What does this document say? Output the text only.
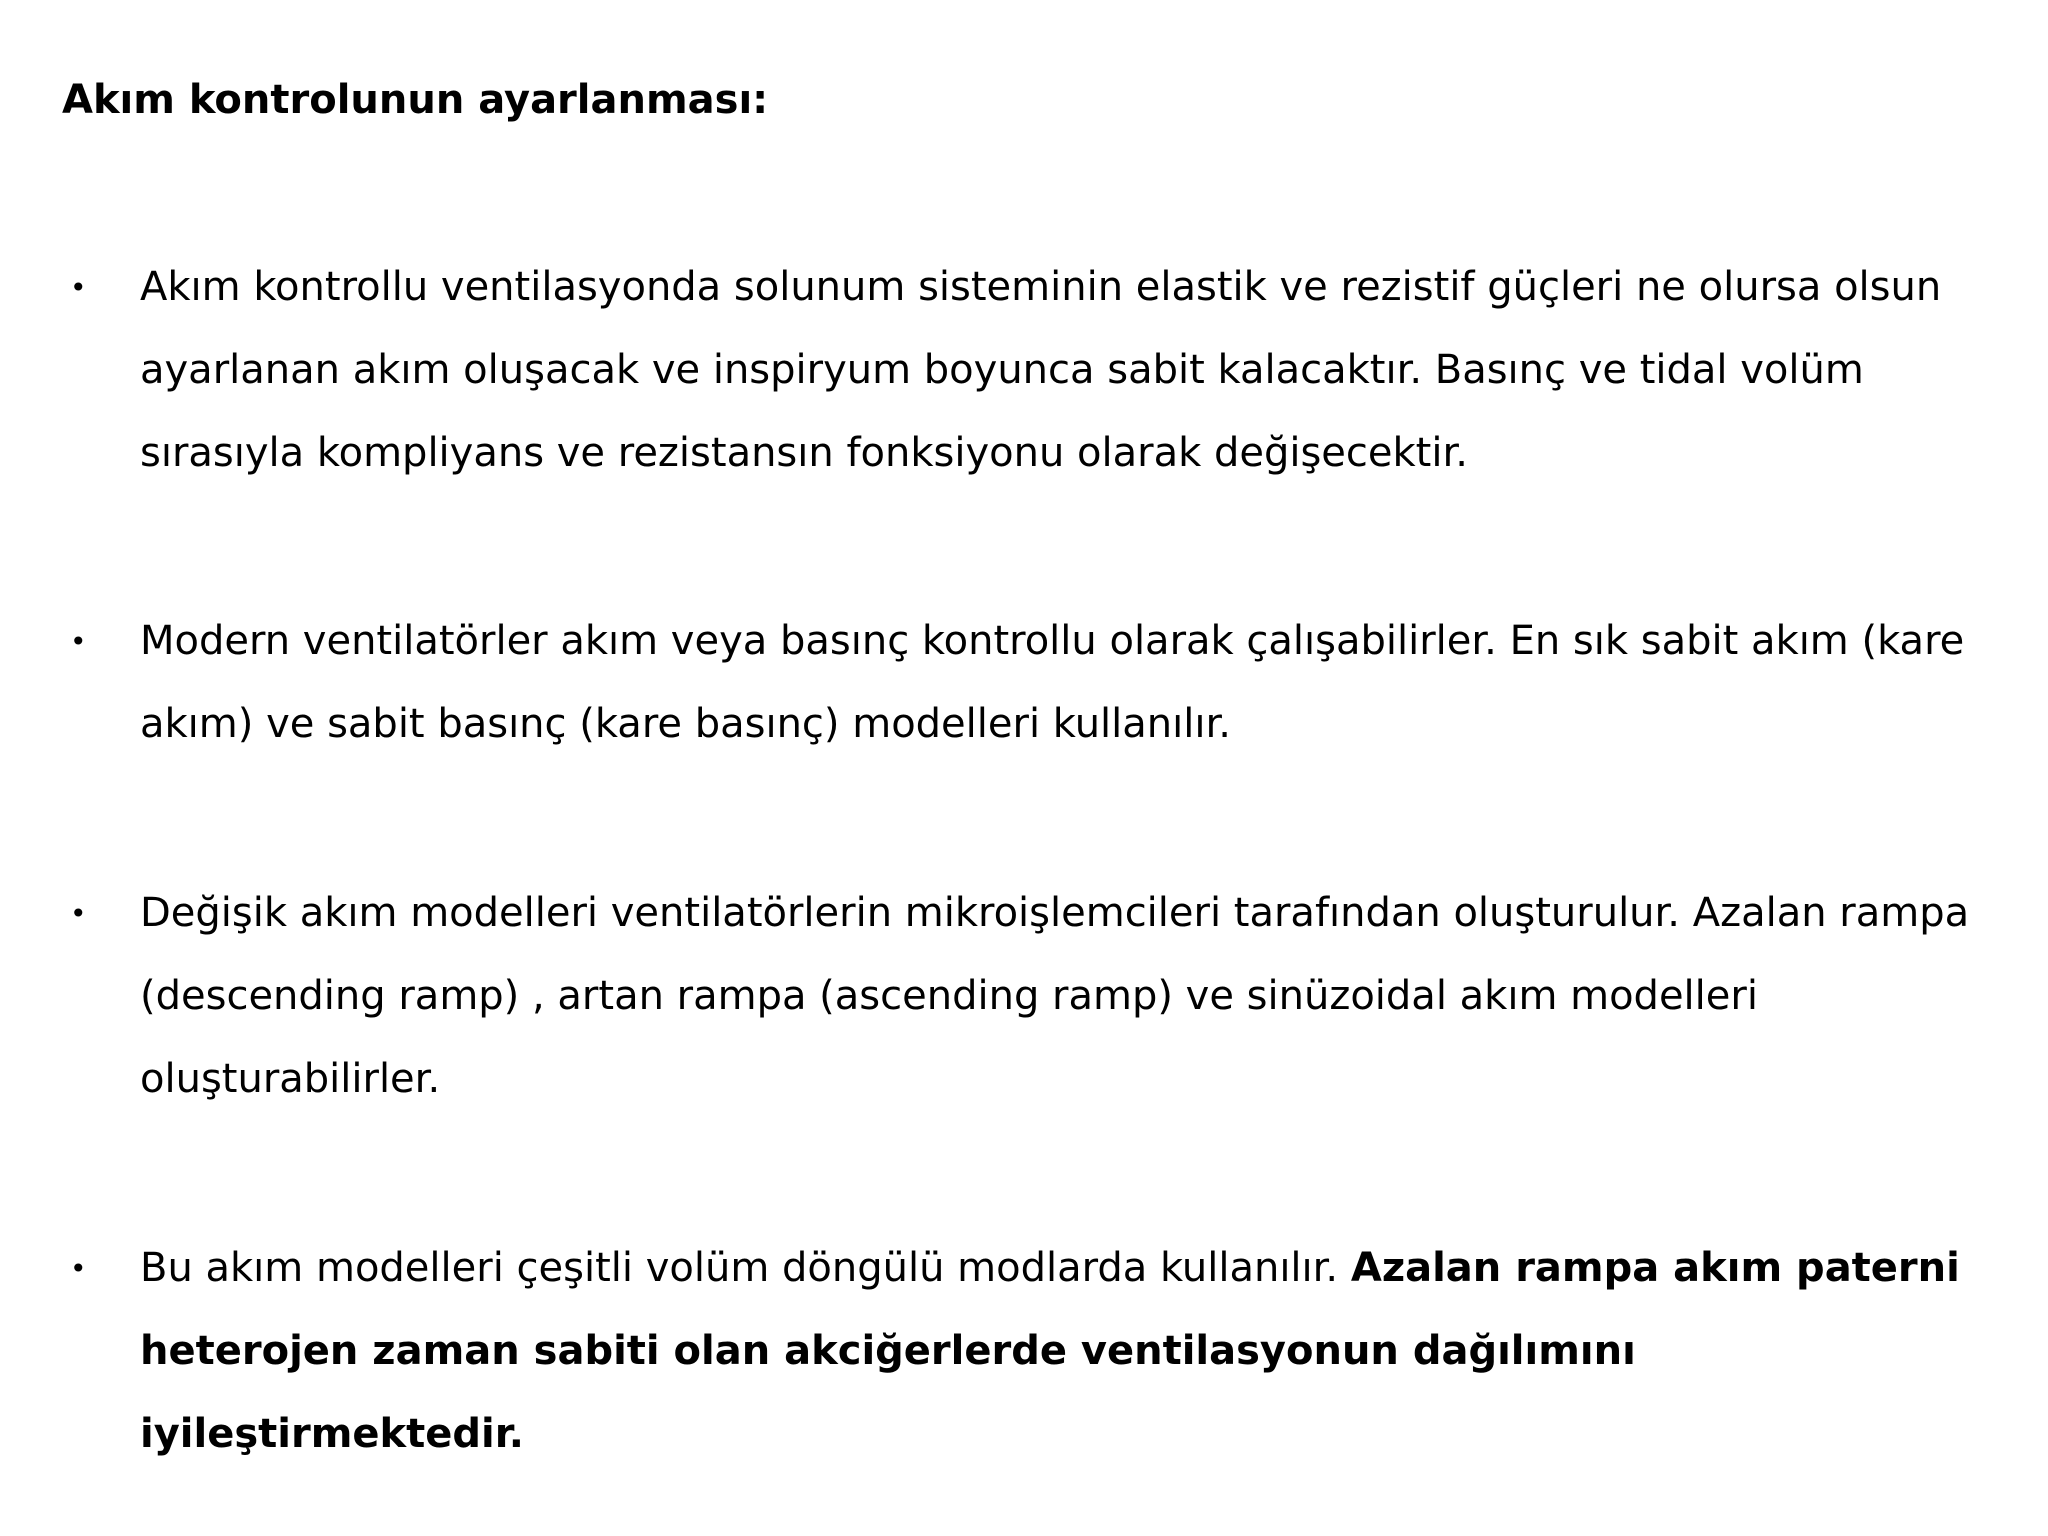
Akım kontrolunun ayarlanması:
• Akım kontrollu ventilasyonda solunum sisteminin elastik ve rezistif güçleri ne olursa olsun ayarlanan akım oluşacak ve inspiryum boyunca sabit kalacaktır. Basınç ve tidal volüm sırasıyla kompliyans ve rezistansın fonksiyonu olarak değişecektir.

• Modern ventilatörler akım veya basınç kontrollu olarak çalışabilirler. En sık sabit akım (kare akım) ve sabit basınç (kare basınç) modelleri kullanılır.

• Değişik akım modelleri ventilatörlerin mikroişlemcileri tarafından oluşturulur. Azalan rampa (descending ramp) , artan rampa (ascending ramp) ve sinüzoidal akım modelleri oluşturabilirler.

• Bu akım modelleri çeşitli volüm döngülü modlarda kullanılır. Azalan rampa akım paterni heterojen zaman sabiti olan akciğerlerde ventilasyonun dağılımını iyileştirmektedir.
